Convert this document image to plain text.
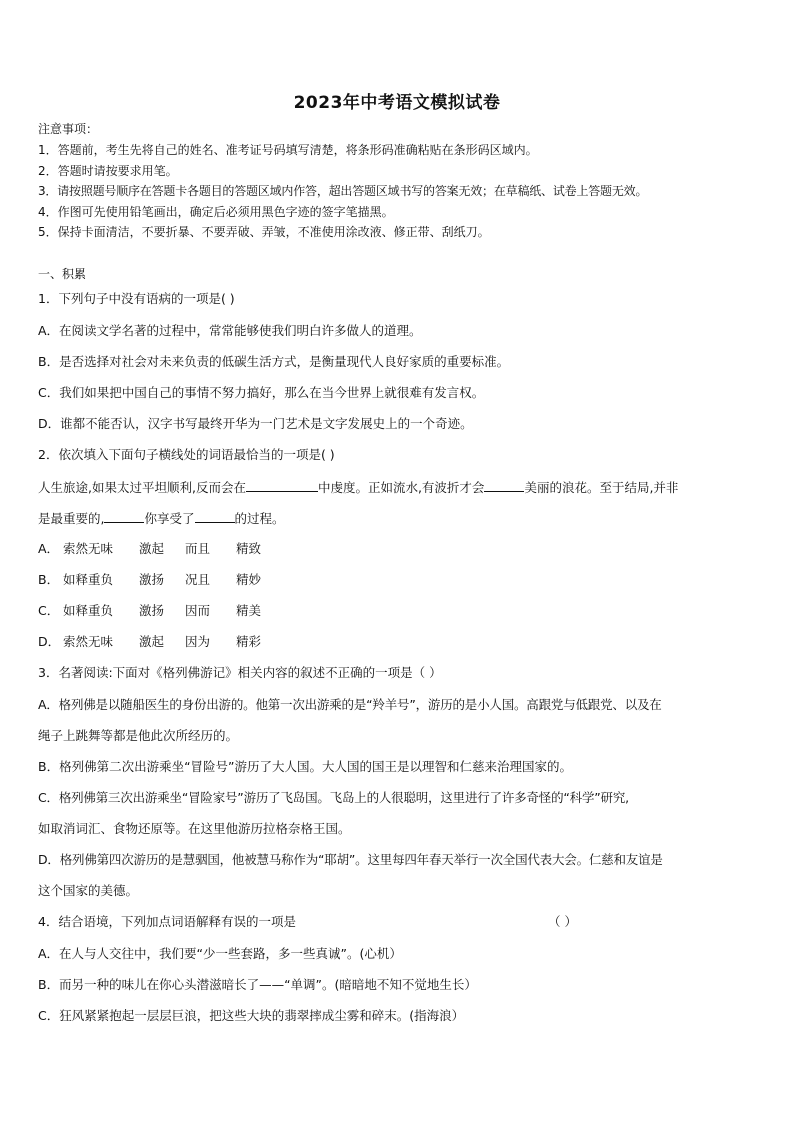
2023年中考语文模拟试卷
注意事项：
1．答题前，考生先将自己的姓名、准考证号码填写清楚，将条形码准确粘贴在条形码区域内。
2．答题时请按要求用笔。
3．请按照题号顺序在答题卡各题目的答题区域内作答，超出答题区域书写的答案无效；在草稿纸、试卷上答题无效。
4．作图可先使用铅笔画出，确定后必须用黑色字迹的签字笔描黑。
5．保持卡面清洁，不要折暴、不要弄破、弄皱，不准使用涂改液、修正带、刮纸刀。
一、积累
1．下列句子中没有语病的一项是( )
A．在阅读文学名著的过程中，常常能够使我们明白许多做人的道理。
B．是否选择对社会对未来负责的低碳生活方式，是衡量现代人良好家质的重要标准。
C．我们如果把中国自己的事情不努力搞好，那么在当今世界上就很难有发言权。
D．谁都不能否认，汉字书写最终开华为一门艺术是文字发展史上的一个奇迹。
2．依次填入下面句子横线处的词语最恰当的一项是( )
人生旅途,如果太过平坦顺利,反而会在	中虔度。正如流水,有波折才会	美丽的浪花。至于结局,并非
是最重要的,	你享受了	的过程。
A． 索然无味 激起 而且 精致
B． 如释重负 激扬 况且 精妙
C． 如释重负 激扬 因而 精美
D． 索然无味 激起 因为 精彩
3．名著阅读:下面对《格列佛游记》相关内容的叙述不正确的一项是（ ）
A．格列佛是以随船医生的身份出游的。他第一次出游乘的是“羚羊号”，游历的是小人国。高跟党与低跟党、以及在
绳子上跳舞等都是他此次所经历的。
B．格列佛第二次出游乘坐“冒险号”游历了大人国。大人国的国王是以理智和仁慈来治理国家的。
C．格列佛第三次出游乘坐“冒险家号”游历了飞岛国。飞岛上的人很聪明，这里进行了许多奇怪的“科学”研究,
如取消词汇、食物还原等。在这里他游历拉格奈格王国。
D．格列佛第四次游历的是慧骃国，他被慧马称作为“耶胡”。这里每四年春天举行一次全国代表大会。仁慈和友谊是
这个国家的美德。
4．结合语境，下列加点词语解释有误的一项是	（ ）
A．在人与人交往中，我们要“少一些套路，多一些真诚”。(心机）
B．而另一种的味儿在你心头潜滋暗长了——“单调”。(暗暗地不知不觉地生长）
C．狂风紧紧抱起一层层巨浪，把这些大块的翡翠摔成尘雾和碎末。(指海浪）
